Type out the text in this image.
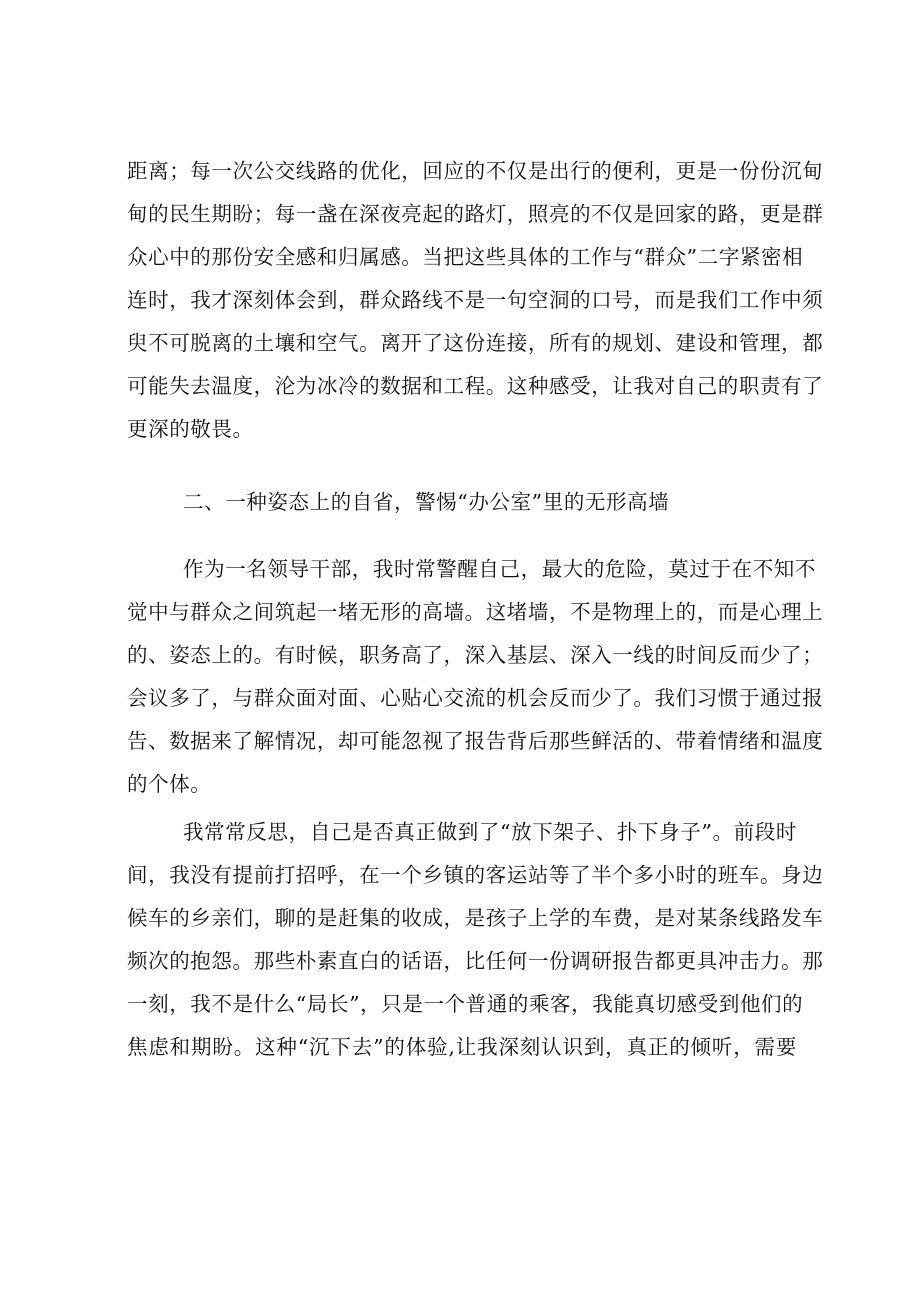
距离；每一次公交线路的优化，回应的不仅是出行的便利，更是一份份沉甸
甸的民生期盼；每一盏在深夜亮起的路灯，照亮的不仅是回家的路，更是群
众心中的那份安全感和归属感。当把这些具体的工作与“群众”二字紧密相
连时，我才深刻体会到，群众路线不是一句空洞的口号，而是我们工作中须
臾不可脱离的土壤和空气。离开了这份连接，所有的规划、建设和管理，都
可能失去温度，沦为冰冷的数据和工程。这种感受，让我对自己的职责有了
更深的敬畏。
二、一种姿态上的自省，警惕“办公室”里的无形高墙
作为一名领导干部，我时常警醒自己，最大的危险，莫过于在不知不
觉中与群众之间筑起一堵无形的高墙。这堵墙，不是物理上的，而是心理上
的、姿态上的。有时候，职务高了，深入基层、深入一线的时间反而少了；
会议多了，与群众面对面、心贴心交流的机会反而少了。我们习惯于通过报
告、数据来了解情况，却可能忽视了报告背后那些鲜活的、带着情绪和温度
的个体。
我常常反思，自己是否真正做到了“放下架子、扑下身子”。前段时
间，我没有提前打招呼，在一个乡镇的客运站等了半个多小时的班车。身边
候车的乡亲们，聊的是赶集的收成，是孩子上学的车费，是对某条线路发车
频次的抱怨。那些朴素直白的话语，比任何一份调研报告都更具冲击力。那
一刻，我不是什么“局长”，只是一个普通的乘客，我能真切感受到他们的
焦虑和期盼。这种“沉下去”的体验,让我深刻认识到，真正的倾听，需要
